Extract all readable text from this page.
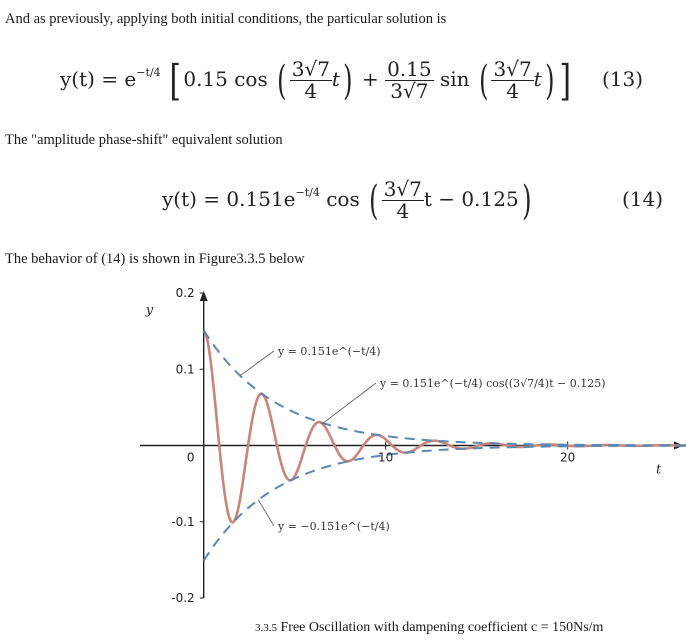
And as previously, applying both initial conditions, the particular solution is
y(t) = e−t/4 [ 0.15 cos ( $\frac{3√7}{4} t) + \frac{0.15}{3√7}$ sin ( $\frac{3√7}{4} t$) ] (13)
The "amplitude phase-shift" equivalent solution
y(t) = 0.151e−t/4 cos ( $\frac{3√7}{4}$ t − 0.125)	(14)
The behavior of (14) is shown in Figure3.3.5 below
10	20
0.2
0.1
-0.1
-0.2
0
t
y
y = 0.151e^(−t/4)
y = 0.151e^(−t/4) cos((3√7/4)t − 0.125)
y = −0.151e^(−t/4)
3.3.5 Free Oscillation with dampening coefficient c = 150Ns/m
